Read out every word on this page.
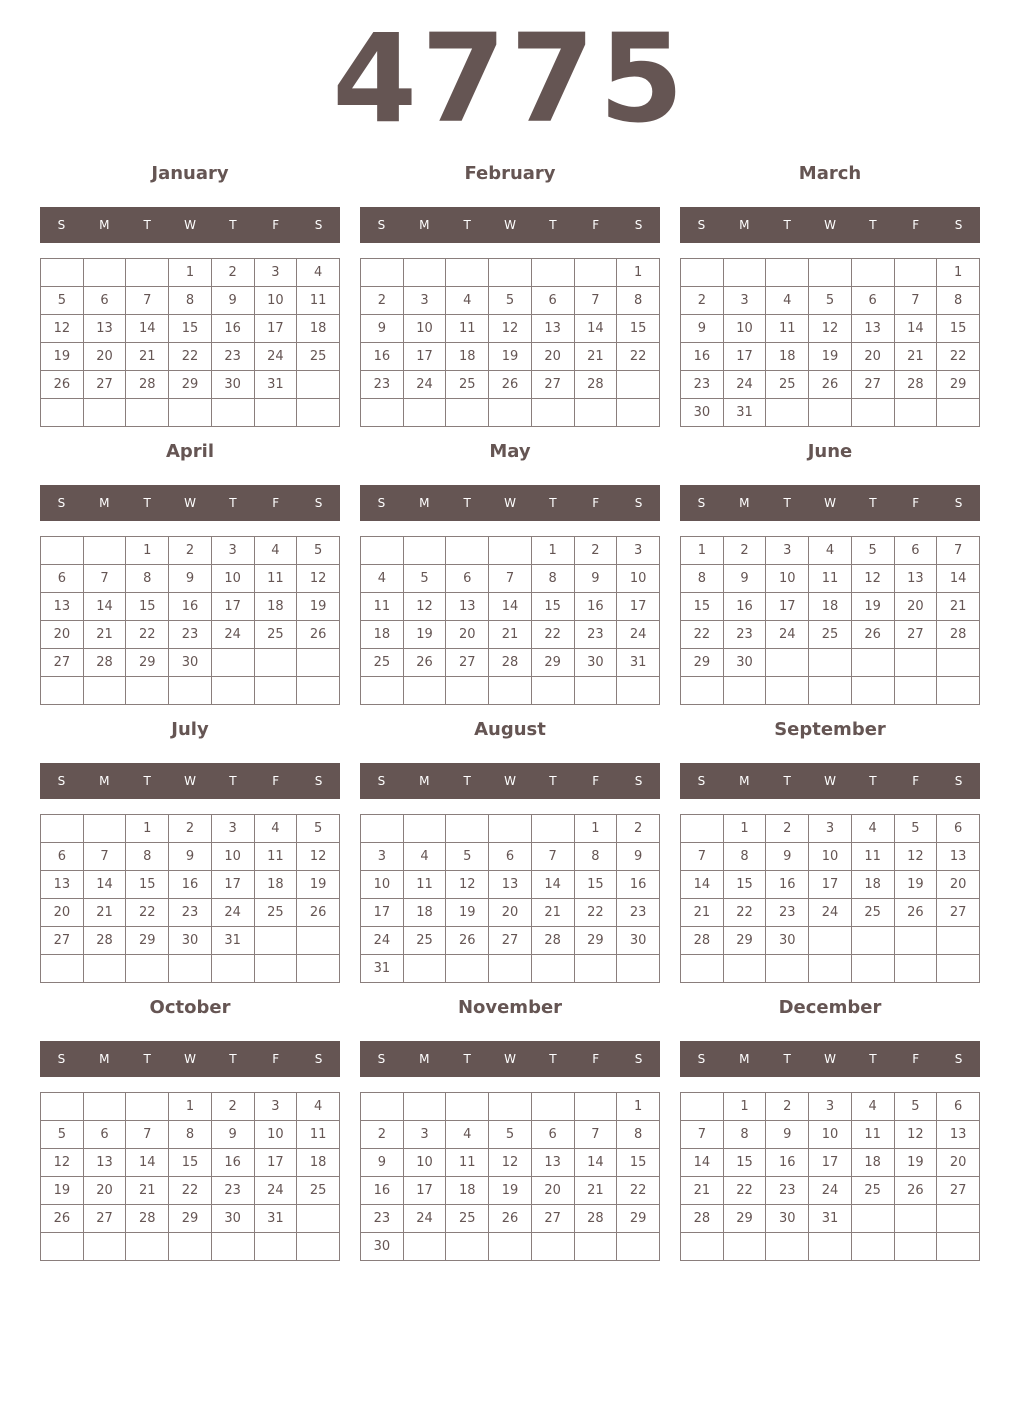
4775
January
S	M	T	W	T	F	S
			1	2	3	4
5	6	7	8	9	10	11
12	13	14	15	16	17	18
19	20	21	22	23	24	25
26	27	28	29	30	31	

February
S	M	T	W	T	F	S
						1
2	3	4	5	6	7	8
9	10	11	12	13	14	15
16	17	18	19	20	21	22
23	24	25	26	27	28	

March
S	M	T	W	T	F	S
						1
2	3	4	5	6	7	8
9	10	11	12	13	14	15
16	17	18	19	20	21	22
23	24	25	26	27	28	29
30	31					
April
S	M	T	W	T	F	S
		1	2	3	4	5
6	7	8	9	10	11	12
13	14	15	16	17	18	19
20	21	22	23	24	25	26
27	28	29	30			

May
S	M	T	W	T	F	S
				1	2	3
4	5	6	7	8	9	10
11	12	13	14	15	16	17
18	19	20	21	22	23	24
25	26	27	28	29	30	31

June
S	M	T	W	T	F	S
1	2	3	4	5	6	7
8	9	10	11	12	13	14
15	16	17	18	19	20	21
22	23	24	25	26	27	28
29	30					

July
S	M	T	W	T	F	S
		1	2	3	4	5
6	7	8	9	10	11	12
13	14	15	16	17	18	19
20	21	22	23	24	25	26
27	28	29	30	31		

August
S	M	T	W	T	F	S
					1	2
3	4	5	6	7	8	9
10	11	12	13	14	15	16
17	18	19	20	21	22	23
24	25	26	27	28	29	30
31						
September
S	M	T	W	T	F	S
	1	2	3	4	5	6
7	8	9	10	11	12	13
14	15	16	17	18	19	20
21	22	23	24	25	26	27
28	29	30				

October
S	M	T	W	T	F	S
			1	2	3	4
5	6	7	8	9	10	11
12	13	14	15	16	17	18
19	20	21	22	23	24	25
26	27	28	29	30	31	

November
S	M	T	W	T	F	S
						1
2	3	4	5	6	7	8
9	10	11	12	13	14	15
16	17	18	19	20	21	22
23	24	25	26	27	28	29
30						
December
S	M	T	W	T	F	S
	1	2	3	4	5	6
7	8	9	10	11	12	13
14	15	16	17	18	19	20
21	22	23	24	25	26	27
28	29	30	31			
